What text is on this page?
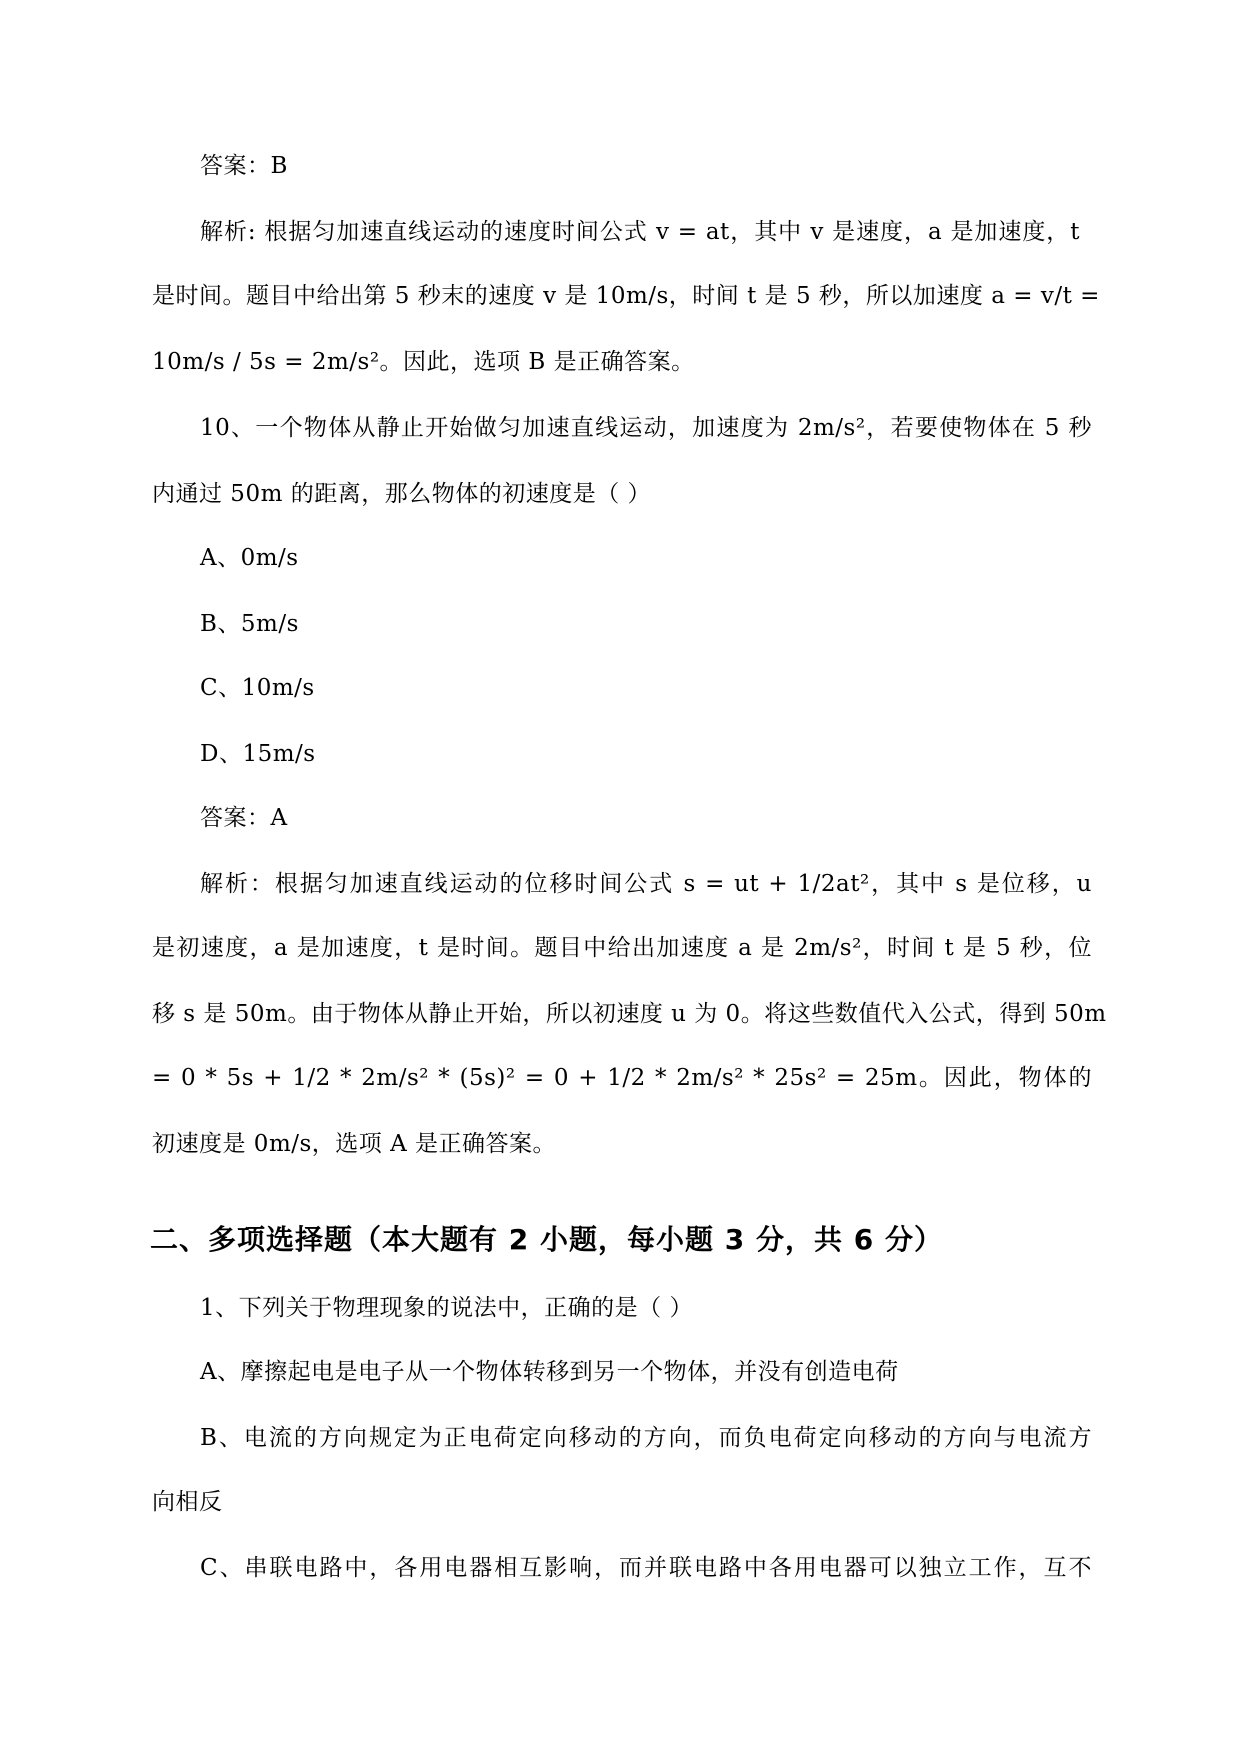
答案：B
解析: 根据匀加速直线运动的速度时间公式 v = at，其中 v 是速度，a 是加速度，t
是时间。题目中给出第 5 秒末的速度 v 是 10m/s，时间 t 是 5 秒，所以加速度 a = v/t =
10m/s / 5s = 2m/s²。因此，选项 B 是正确答案。
10、一个物体从静止开始做匀加速直线运动，加速度为 2m/s²，若要使物体在 5 秒
内通过 50m 的距离，那么物体的初速度是（ ）
A、0m/s
B、5m/s
C、10m/s
D、15m/s
答案：A
解析：根据匀加速直线运动的位移时间公式 s = ut + 1/2at²，其中 s 是位移，u
是初速度，a 是加速度，t 是时间。题目中给出加速度 a 是 2m/s²，时间 t 是 5 秒，位
移 s 是 50m。由于物体从静止开始，所以初速度 u 为 0。将这些数值代入公式，得到 50m
= 0 * 5s + 1/2 * 2m/s² * (5s)² = 0 + 1/2 * 2m/s² * 25s² = 25m。因此，物体的
初速度是 0m/s，选项 A 是正确答案。
二、多项选择题（本大题有 2 小题，每小题 3 分，共 6 分）
1、下列关于物理现象的说法中，正确的是（ ）
A、摩擦起电是电子从一个物体转移到另一个物体，并没有创造电荷
B、电流的方向规定为正电荷定向移动的方向，而负电荷定向移动的方向与电流方
向相反
C、串联电路中，各用电器相互影响，而并联电路中各用电器可以独立工作，互不
